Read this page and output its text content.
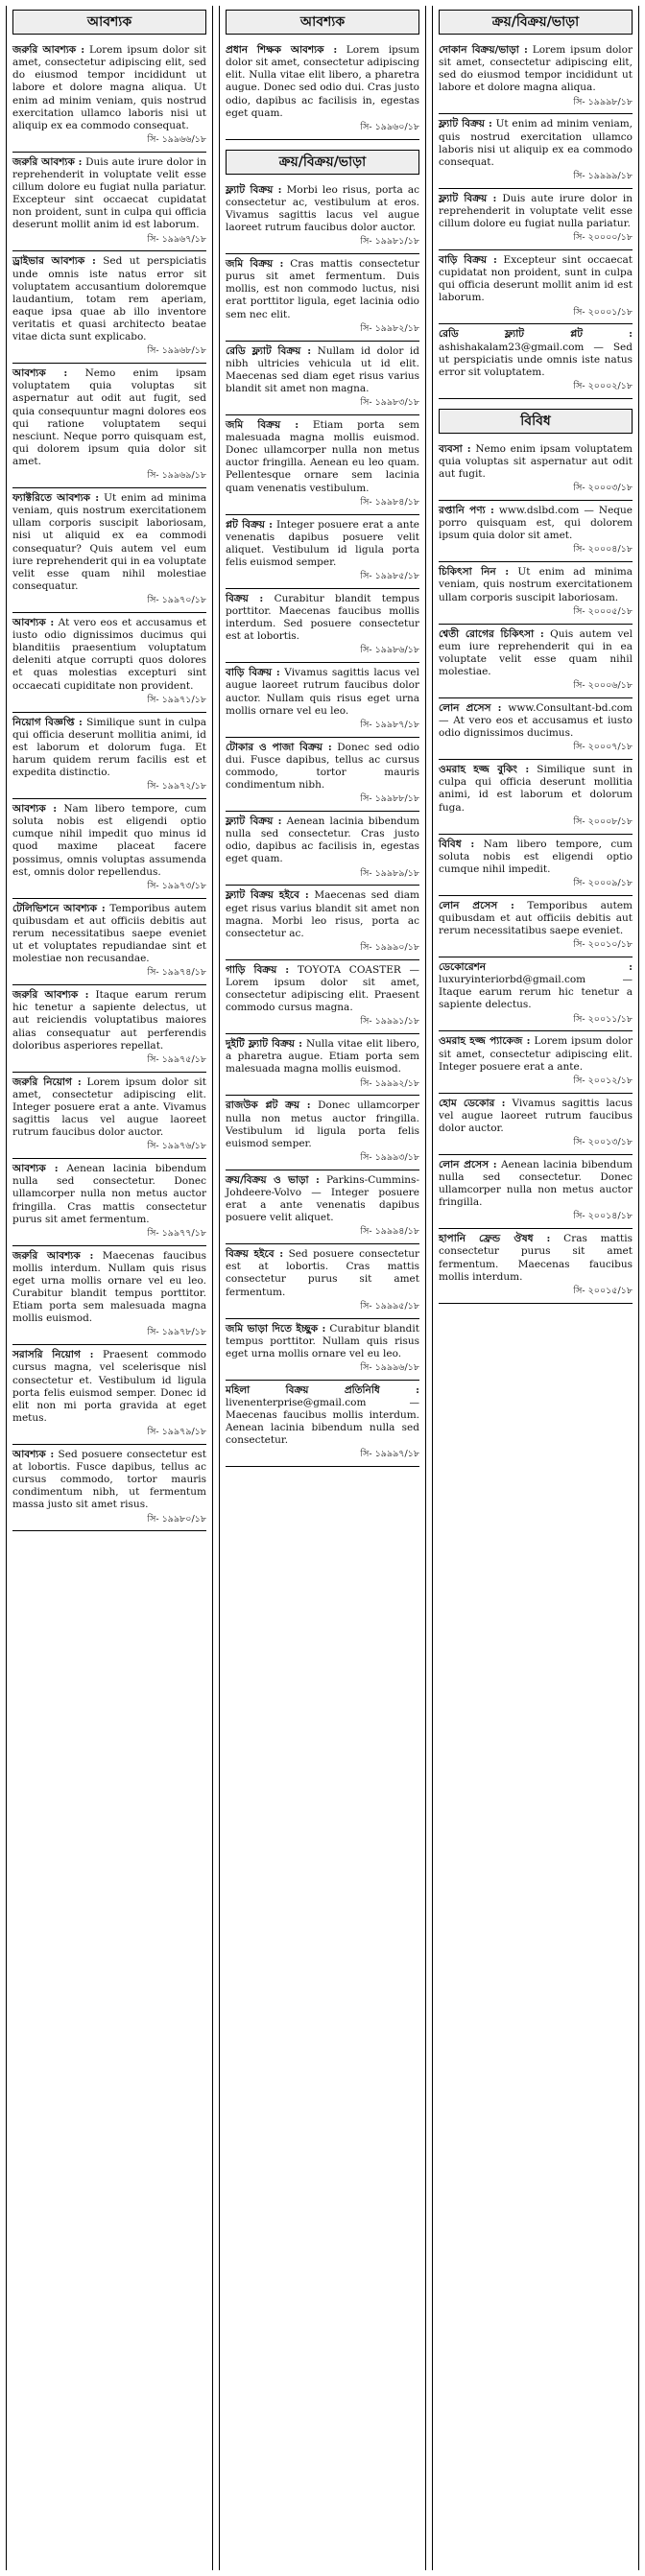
আবশ্যক
জরুরি আবশ্যক : Lorem ipsum dolor sit amet, consectetur adipiscing elit, sed do eiusmod tempor incididunt ut labore et dolore magna aliqua. Ut enim ad minim veniam, quis nostrud exercitation ullamco laboris nisi ut aliquip ex ea commodo consequat.
সি- ১৯৯৬৬/১৮
জরুরি আবশ্যক : Duis aute irure dolor in reprehenderit in voluptate velit esse cillum dolore eu fugiat nulla pariatur. Excepteur sint occaecat cupidatat non proident, sunt in culpa qui officia deserunt mollit anim id est laborum.
সি- ১৯৯৬৭/১৮
ড্রাইভার আবশ্যক : Sed ut perspiciatis unde omnis iste natus error sit voluptatem accusantium doloremque laudantium, totam rem aperiam, eaque ipsa quae ab illo inventore veritatis et quasi architecto beatae vitae dicta sunt explicabo.
সি- ১৯৯৬৮/১৮
আবশ্যক : Nemo enim ipsam voluptatem quia voluptas sit aspernatur aut odit aut fugit, sed quia consequuntur magni dolores eos qui ratione voluptatem sequi nesciunt. Neque porro quisquam est, qui dolorem ipsum quia dolor sit amet.
সি- ১৯৯৬৯/১৮
ফ্যাক্টরিতে আবশ্যক : Ut enim ad minima veniam, quis nostrum exercitationem ullam corporis suscipit laboriosam, nisi ut aliquid ex ea commodi consequatur? Quis autem vel eum iure reprehenderit qui in ea voluptate velit esse quam nihil molestiae consequatur.
সি- ১৯৯৭০/১৮
আবশ্যক : At vero eos et accusamus et iusto odio dignissimos ducimus qui blanditiis praesentium voluptatum deleniti atque corrupti quos dolores et quas molestias excepturi sint occaecati cupiditate non provident.
সি- ১৯৯৭১/১৮
নিয়োগ বিজ্ঞপ্তি : Similique sunt in culpa qui officia deserunt mollitia animi, id est laborum et dolorum fuga. Et harum quidem rerum facilis est et expedita distinctio.
সি- ১৯৯৭২/১৮
আবশ্যক : Nam libero tempore, cum soluta nobis est eligendi optio cumque nihil impedit quo minus id quod maxime placeat facere possimus, omnis voluptas assumenda est, omnis dolor repellendus.
সি- ১৯৯৭৩/১৮
টেলিভিশনে আবশ্যক : Temporibus autem quibusdam et aut officiis debitis aut rerum necessitatibus saepe eveniet ut et voluptates repudiandae sint et molestiae non recusandae.
সি- ১৯৯৭৪/১৮
জরুরি আবশ্যক : Itaque earum rerum hic tenetur a sapiente delectus, ut aut reiciendis voluptatibus maiores alias consequatur aut perferendis doloribus asperiores repellat.
সি- ১৯৯৭৫/১৮
জরুরি নিয়োগ : Lorem ipsum dolor sit amet, consectetur adipiscing elit. Integer posuere erat a ante. Vivamus sagittis lacus vel augue laoreet rutrum faucibus dolor auctor.
সি- ১৯৯৭৬/১৮
আবশ্যক : Aenean lacinia bibendum nulla sed consectetur. Donec ullamcorper nulla non metus auctor fringilla. Cras mattis consectetur purus sit amet fermentum.
সি- ১৯৯৭৭/১৮
জরুরি আবশ্যক : Maecenas faucibus mollis interdum. Nullam quis risus eget urna mollis ornare vel eu leo. Curabitur blandit tempus porttitor. Etiam porta sem malesuada magna mollis euismod.
সি- ১৯৯৭৮/১৮
সরাসরি নিয়োগ : Praesent commodo cursus magna, vel scelerisque nisl consectetur et. Vestibulum id ligula porta felis euismod semper. Donec id elit non mi porta gravida at eget metus.
সি- ১৯৯৭৯/১৮
আবশ্যক : Sed posuere consectetur est at lobortis. Fusce dapibus, tellus ac cursus commodo, tortor mauris condimentum nibh, ut fermentum massa justo sit amet risus.
সি- ১৯৯৮০/১৮
আবশ্যক
প্রধান শিক্ষক আবশ্যক : Lorem ipsum dolor sit amet, consectetur adipiscing elit. Nulla vitae elit libero, a pharetra augue. Donec sed odio dui. Cras justo odio, dapibus ac facilisis in, egestas eget quam.
সি- ১৯৯৬০/১৮
ক্রয়/বিক্রয়/ভাড়া
ফ্ল্যাট বিক্রয় : Morbi leo risus, porta ac consectetur ac, vestibulum at eros. Vivamus sagittis lacus vel augue laoreet rutrum faucibus dolor auctor.
সি- ১৯৯৮১/১৮
জমি বিক্রয় : Cras mattis consectetur purus sit amet fermentum. Duis mollis, est non commodo luctus, nisi erat porttitor ligula, eget lacinia odio sem nec elit.
সি- ১৯৯৮২/১৮
রেডি ফ্ল্যাট বিক্রয় : Nullam id dolor id nibh ultricies vehicula ut id elit. Maecenas sed diam eget risus varius blandit sit amet non magna.
সি- ১৯৯৮৩/১৮
জমি বিক্রয় : Etiam porta sem malesuada magna mollis euismod. Donec ullamcorper nulla non metus auctor fringilla. Aenean eu leo quam. Pellentesque ornare sem lacinia quam venenatis vestibulum.
সি- ১৯৯৮৪/১৮
প্লট বিক্রয় : Integer posuere erat a ante venenatis dapibus posuere velit aliquet. Vestibulum id ligula porta felis euismod semper.
সি- ১৯৯৮৫/১৮
বিক্রয় : Curabitur blandit tempus porttitor. Maecenas faucibus mollis interdum. Sed posuere consectetur est at lobortis.
সি- ১৯৯৮৬/১৮
বাড়ি বিক্রয় : Vivamus sagittis lacus vel augue laoreet rutrum faucibus dolor auctor. Nullam quis risus eget urna mollis ornare vel eu leo.
সি- ১৯৯৮৭/১৮
টোকার ও পাজা বিক্রয় : Donec sed odio dui. Fusce dapibus, tellus ac cursus commodo, tortor mauris condimentum nibh.
সি- ১৯৯৮৮/১৮
ফ্ল্যাট বিক্রয় : Aenean lacinia bibendum nulla sed consectetur. Cras justo odio, dapibus ac facilisis in, egestas eget quam.
সি- ১৯৯৮৯/১৮
ফ্ল্যাট বিক্রয় হইবে : Maecenas sed diam eget risus varius blandit sit amet non magna. Morbi leo risus, porta ac consectetur ac.
সি- ১৯৯৯০/১৮
গাড়ি বিক্রয় : TOYOTA COASTER — Lorem ipsum dolor sit amet, consectetur adipiscing elit. Praesent commodo cursus magna.
সি- ১৯৯৯১/১৮
দুইটি ফ্ল্যাট বিক্রয় : Nulla vitae elit libero, a pharetra augue. Etiam porta sem malesuada magna mollis euismod.
সি- ১৯৯৯২/১৮
রাজউক প্লট ক্রয় : Donec ullamcorper nulla non metus auctor fringilla. Vestibulum id ligula porta felis euismod semper.
সি- ১৯৯৯৩/১৮
ক্রয়/বিক্রয় ও ভাড়া : Parkins-Cummins-Johdeere-Volvo — Integer posuere erat a ante venenatis dapibus posuere velit aliquet.
সি- ১৯৯৯৪/১৮
বিক্রয় হইবে : Sed posuere consectetur est at lobortis. Cras mattis consectetur purus sit amet fermentum.
সি- ১৯৯৯৫/১৮
জমি ভাড়া দিতে ইচ্ছুক : Curabitur blandit tempus porttitor. Nullam quis risus eget urna mollis ornare vel eu leo.
সি- ১৯৯৯৬/১৮
মহিলা বিক্রয় প্রতিনিধি : livenenterprise@gmail.com — Maecenas faucibus mollis interdum. Aenean lacinia bibendum nulla sed consectetur.
সি- ১৯৯৯৭/১৮
ক্রয়/বিক্রয়/ভাড়া
দোকান বিক্রয়/ভাড়া : Lorem ipsum dolor sit amet, consectetur adipiscing elit, sed do eiusmod tempor incididunt ut labore et dolore magna aliqua.
সি- ১৯৯৯৮/১৮
ফ্ল্যাট বিক্রয় : Ut enim ad minim veniam, quis nostrud exercitation ullamco laboris nisi ut aliquip ex ea commodo consequat.
সি- ১৯৯৯৯/১৮
ফ্ল্যাট বিক্রয় : Duis aute irure dolor in reprehenderit in voluptate velit esse cillum dolore eu fugiat nulla pariatur.
সি- ২০০০০/১৮
বাড়ি বিক্রয় : Excepteur sint occaecat cupidatat non proident, sunt in culpa qui officia deserunt mollit anim id est laborum.
সি- ২০০০১/১৮
রেডি ফ্ল্যাট প্লট : ashishakalam23@gmail.com — Sed ut perspiciatis unde omnis iste natus error sit voluptatem.
সি- ২০০০২/১৮
বিবিধ
ব্যবসা : Nemo enim ipsam voluptatem quia voluptas sit aspernatur aut odit aut fugit.
সি- ২০০০৩/১৮
রপ্তানি পণ্য : www.dslbd.com — Neque porro quisquam est, qui dolorem ipsum quia dolor sit amet.
সি- ২০০০৪/১৮
চিকিৎসা নিন : Ut enim ad minima veniam, quis nostrum exercitationem ullam corporis suscipit laboriosam.
সি- ২০০০৫/১৮
শ্বেতী রোগের চিকিৎসা : Quis autem vel eum iure reprehenderit qui in ea voluptate velit esse quam nihil molestiae.
সি- ২০০০৬/১৮
লোন প্রসেস : www.Consultant-bd.com — At vero eos et accusamus et iusto odio dignissimos ducimus.
সি- ২০০০৭/১৮
ওমরাহ হজ্জ বুকিং : Similique sunt in culpa qui officia deserunt mollitia animi, id est laborum et dolorum fuga.
সি- ২০০০৮/১৮
বিবিধ : Nam libero tempore, cum soluta nobis est eligendi optio cumque nihil impedit.
সি- ২০০০৯/১৮
লোন প্রসেস : Temporibus autem quibusdam et aut officiis debitis aut rerum necessitatibus saepe eveniet.
সি- ২০০১০/১৮
ডেকোরেশন : luxuryinteriorbd@gmail.com — Itaque earum rerum hic tenetur a sapiente delectus.
সি- ২০০১১/১৮
ওমরাহ হজ্জ প্যাকেজ : Lorem ipsum dolor sit amet, consectetur adipiscing elit. Integer posuere erat a ante.
সি- ২০০১২/১৮
হোম ডেকোর : Vivamus sagittis lacus vel augue laoreet rutrum faucibus dolor auctor.
সি- ২০০১৩/১৮
লোন প্রসেস : Aenean lacinia bibendum nulla sed consectetur. Donec ullamcorper nulla non metus auctor fringilla.
সি- ২০০১৪/১৮
হাপানি ফ্রেন্ড ঔষধ : Cras mattis consectetur purus sit amet fermentum. Maecenas faucibus mollis interdum.
সি- ২০০১৫/১৮
